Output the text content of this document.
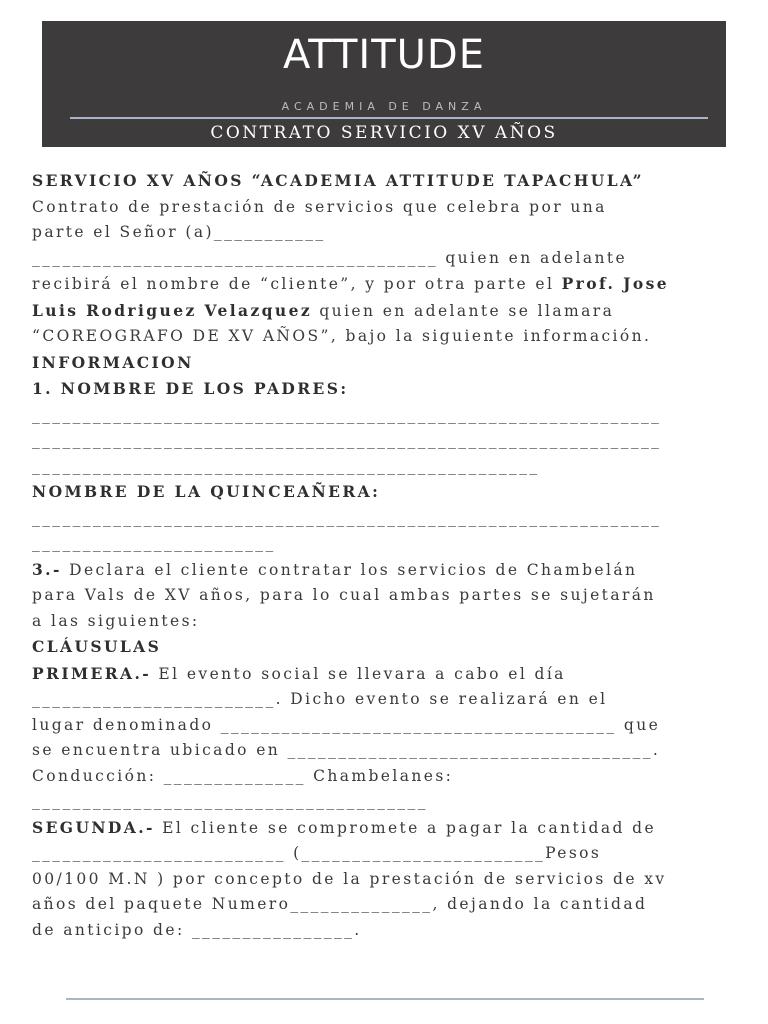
ATTITUDE
ACADEMIA DE DANZA
CONTRATO SERVICIO XV AÑOS

SERVICIO XV AÑOS “ACADEMIA ATTITUDE TAPACHULA”

Contrato de prestación de servicios que celebra por una

parte el Señor (a)___________

________________________________________ quien en adelante

recibirá el nombre de “cliente”, y por otra parte el Prof. Jose

Luis Rodriguez Velazquez quien en adelante se llamara

“COREOGRAFO DE XV AÑOS”, bajo la siguiente información.

INFORMACION

1. NOMBRE DE LOS PADRES:

______________________________________________________________

______________________________________________________________

__________________________________________________

NOMBRE DE LA QUINCEAÑERA:

______________________________________________________________

________________________

3.- Declara el cliente contratar los servicios de Chambelán

para Vals de XV años, para lo cual ambas partes se sujetarán

a las siguientes:

CLÁUSULAS

PRIMERA.- El evento social se llevara a cabo el día

________________________. Dicho evento se realizará en el

lugar denominado _______________________________________ que

se encuentra ubicado en ____________________________________.

Conducción: ______________ Chambelanes:

_______________________________________

SEGUNDA.- El cliente se compromete a pagar la cantidad de

_________________________ (________________________Pesos

00/100 M.N ) por concepto de la prestación de servicios de xv

años del paquete Numero______________, dejando la cantidad

de anticipo de: ________________.
